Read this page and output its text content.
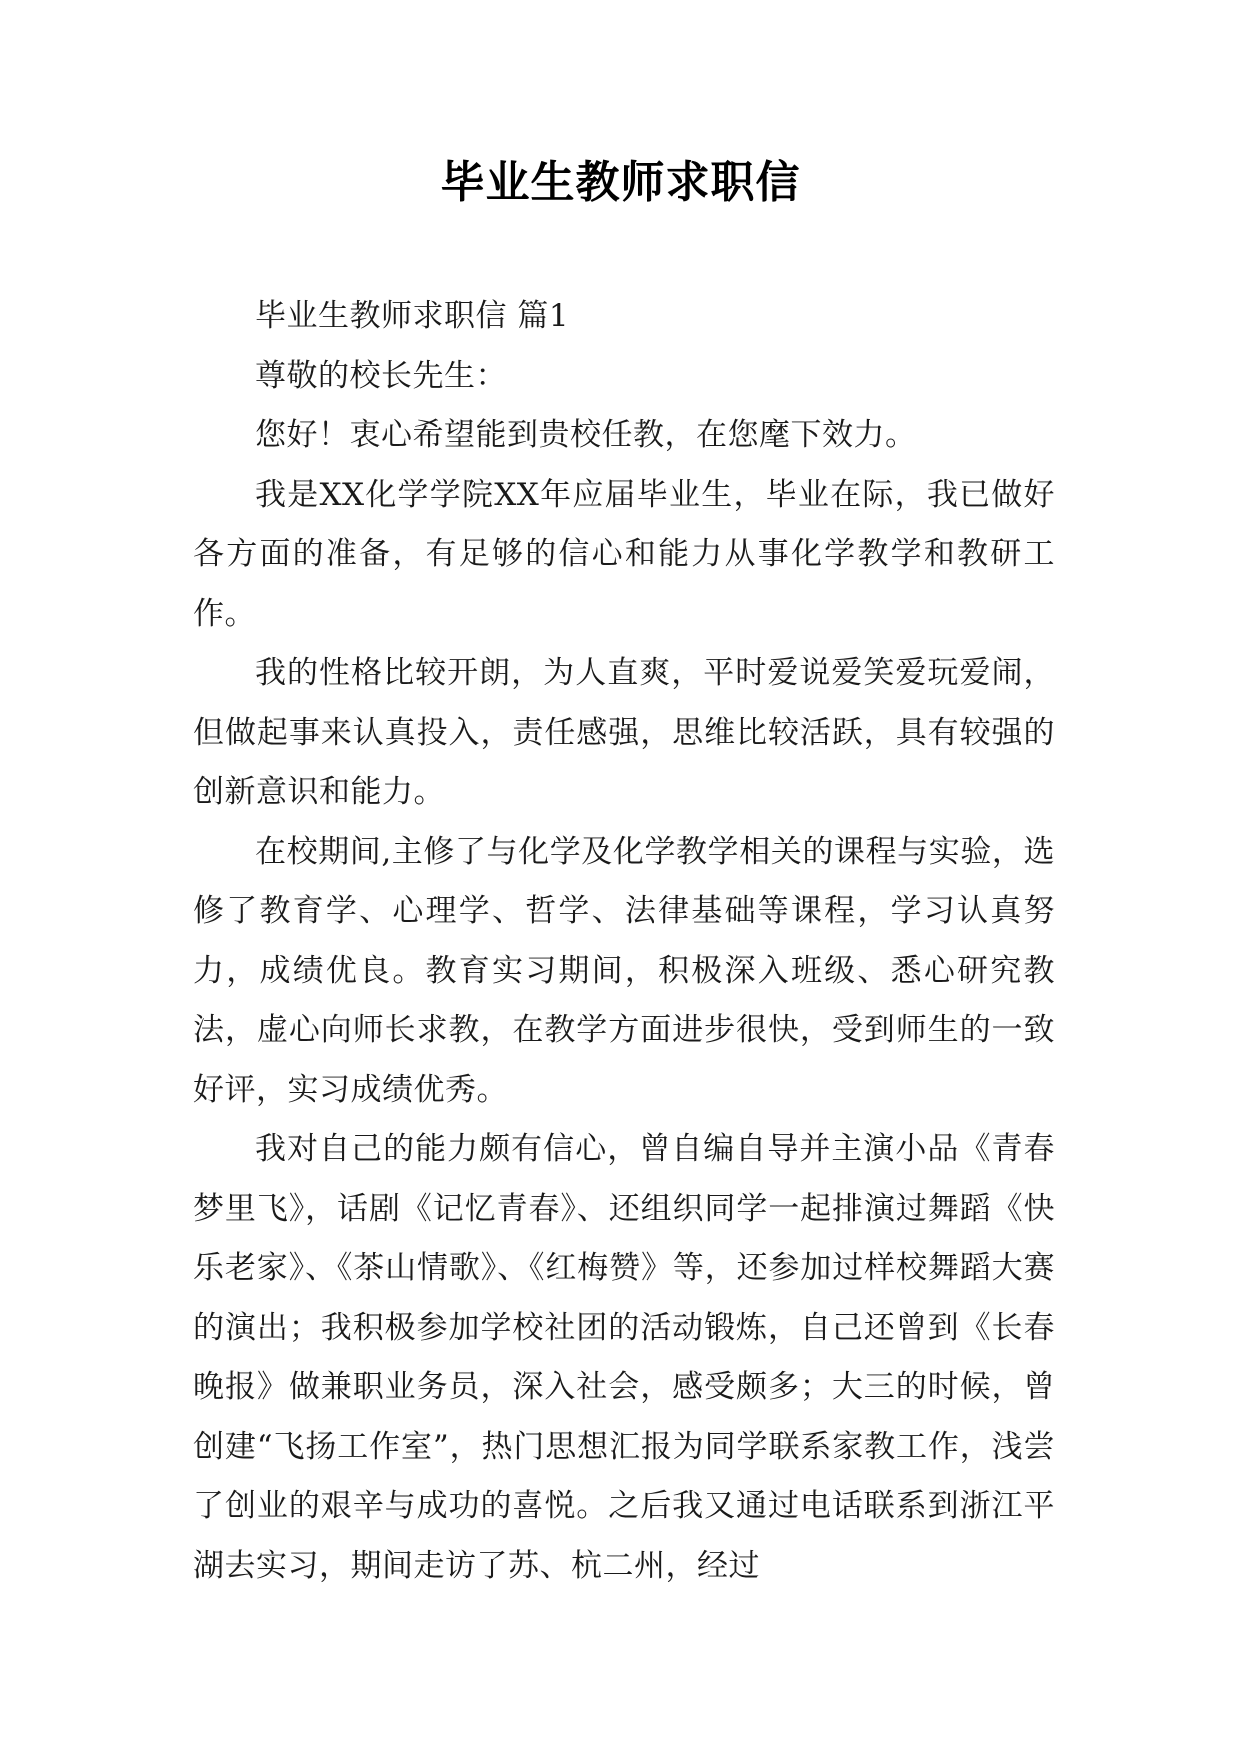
毕业生教师求职信

毕业生教师求职信 篇1

尊敬的校长先生：

您好！衷心希望能到贵校任教，在您麾下效力。

我是XX化学学院XX年应届毕业生，毕业在际，我已做好各方面的准备，有足够的信心和能力从事化学教学和教研工作。

我的性格比较开朗，为人直爽，平时爱说爱笑爱玩爱闹，但做起事来认真投入，责任感强，思维比较活跃，具有较强的创新意识和能力。

在校期间,主修了与化学及化学教学相关的课程与实验，选修了教育学、心理学、哲学、法律基础等课程，学习认真努力，成绩优良。教育实习期间，积极深入班级、悉心研究教法，虚心向师长求教，在教学方面进步很快，受到师生的一致好评，实习成绩优秀。

我对自己的能力颇有信心，曾自编自导并主演小品《青春梦里飞》，话剧《记忆青春》、还组织同学一起排演过舞蹈《快乐老家》、《茶山情歌》、《红梅赞》等，还参加过样校舞蹈大赛的演出；我积极参加学校社团的活动锻炼，自己还曾到《长春晚报》做兼职业务员，深入社会，感受颇多；大三的时候，曾创建“飞扬工作室”，热门思想汇报为同学联系家教工作，浅尝了创业的艰辛与成功的喜悦。之后我又通过电话联系到浙江平湖去实习，期间走访了苏、杭二州，经过
